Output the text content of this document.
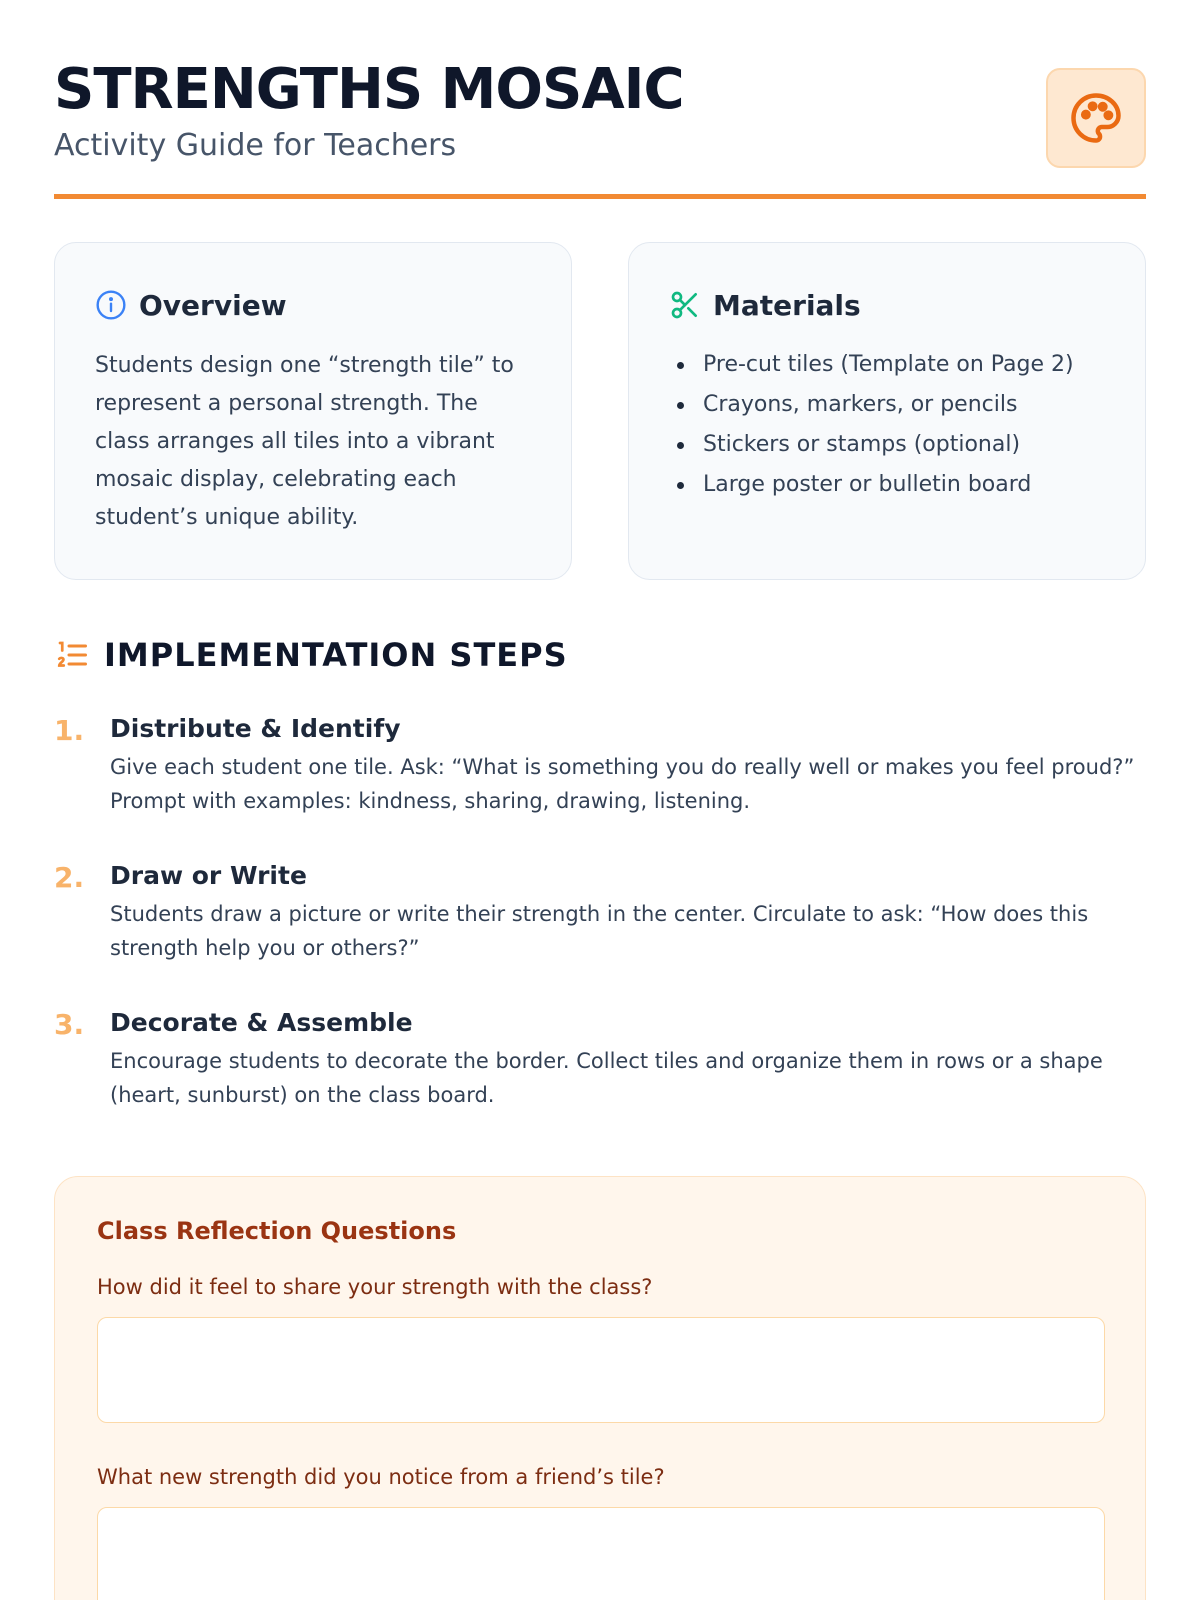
STRENGTHS MOSAIC
Activity Guide for Teachers
Overview

Students design one “strength tile” to represent a personal strength. The class arranges all tiles into a vibrant mosaic display, celebrating each student’s unique ability.

Materials
Pre-cut tiles (Template on Page 2)
Crayons, markers, or pencils
Stickers or stamps (optional)
Large poster or bulletin board
IMPLEMENTATION STEPS
1. Distribute & Identify

Give each student one tile. Ask: “What is something you do really well or makes you feel proud?” Prompt with examples: kindness, sharing, drawing, listening.

2. Draw or Write

Students draw a picture or write their strength in the center. Circulate to ask: “How does this strength help you or others?”

3. Decorate & Assemble

Encourage students to decorate the border. Collect tiles and organize them in rows or a shape (heart, sunburst) on the class board.

Class Reflection Questions
How did it feel to share your strength with the class?
What new strength did you notice from a friend’s tile?
